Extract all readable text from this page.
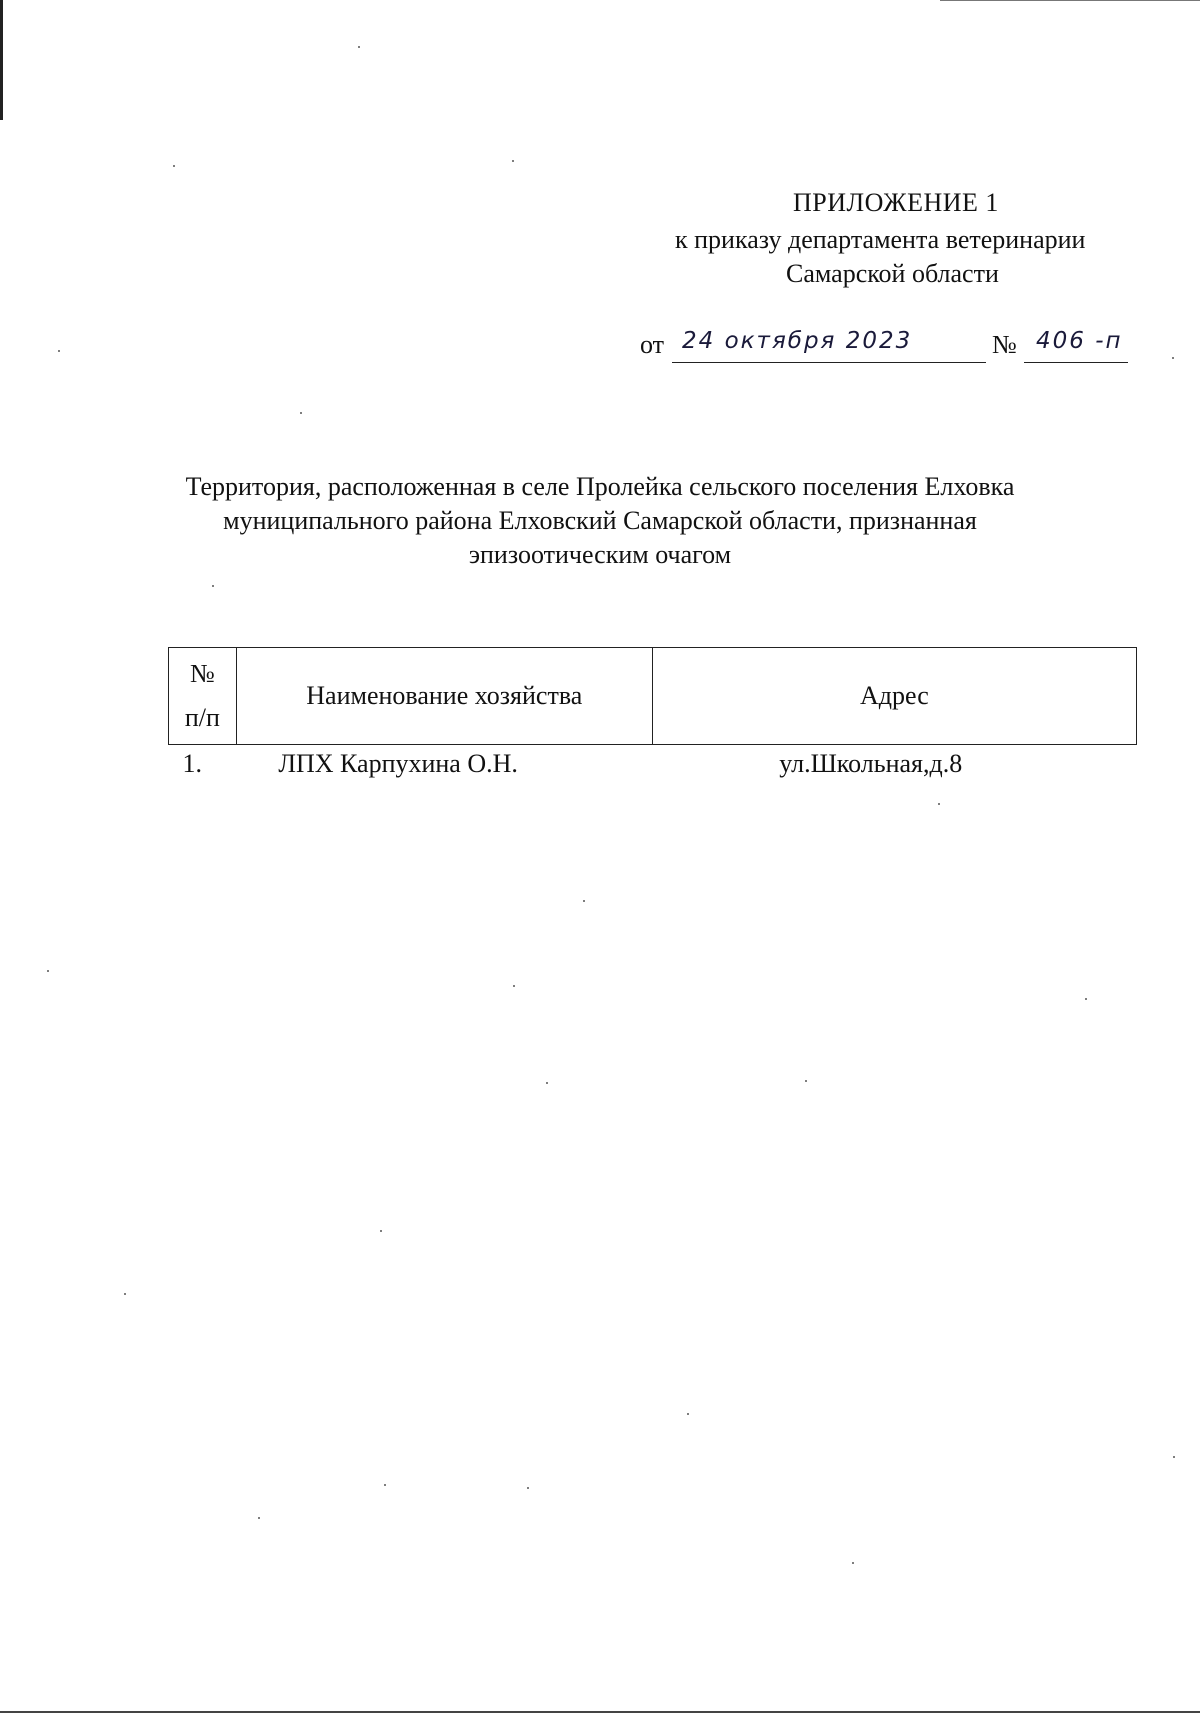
ПРИЛОЖЕНИЕ 1
к приказу департамента ветеринарии
Самарской области
от 24 октября 2023	№ 406 -п
Территория, расположенная в селе Пролейка сельского поселения Елховка
муниципального района Елховский Самарской области, признанная
эпизоотическим очагом
№
п/п	Наименование хозяйства	Адрес
1.	ЛПХ Карпухина О.Н.	ул.Школьная,д.8
